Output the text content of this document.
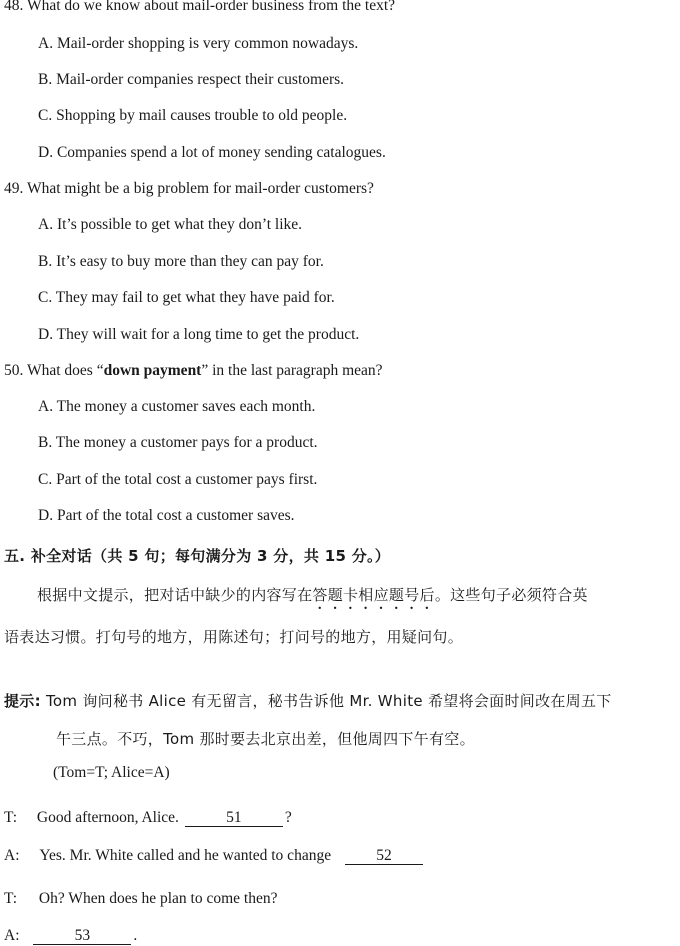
48. What do we know about mail-order business from the text?
A. Mail-order shopping is very common nowadays.
B. Mail-order companies respect their customers.
C. Shopping by mail causes trouble to old people.
D. Companies spend a lot of money sending catalogues.
49. What might be a big problem for mail-order customers?
A. It’s possible to get what they don’t like.
B. It’s easy to buy more than they can pay for.
C. They may fail to get what they have paid for.
D. They will wait for a long time to get the product.
50. What does “down payment” in the last paragraph mean?
A. The money a customer saves each month.
B. The money a customer pays for a product.
C. Part of the total cost a customer pays first.
D. Part of the total cost a customer saves.
五. 补全对话（共 5 句；每句满分为 3 分，共 15 分。）
根据中文提示，把对话中缺少的内容写在答题卡相应题号后。这些句子必须符合英
语表达习惯。打句号的地方，用陈述句；打问号的地方，用疑问句。
提示: Tom 询问秘书 Alice 有无留言，秘书告诉他 Mr. White 希望将会面时间改在周五下
午三点。不巧，Tom 那时要去北京出差，但他周四下午有空。
(Tom=T; Alice=A)
T: Good afternoon, Alice.	51	?
A: Yes. Mr. White called and he wanted to change	52
T: Oh? When does he plan to come then?
A:	53	.
